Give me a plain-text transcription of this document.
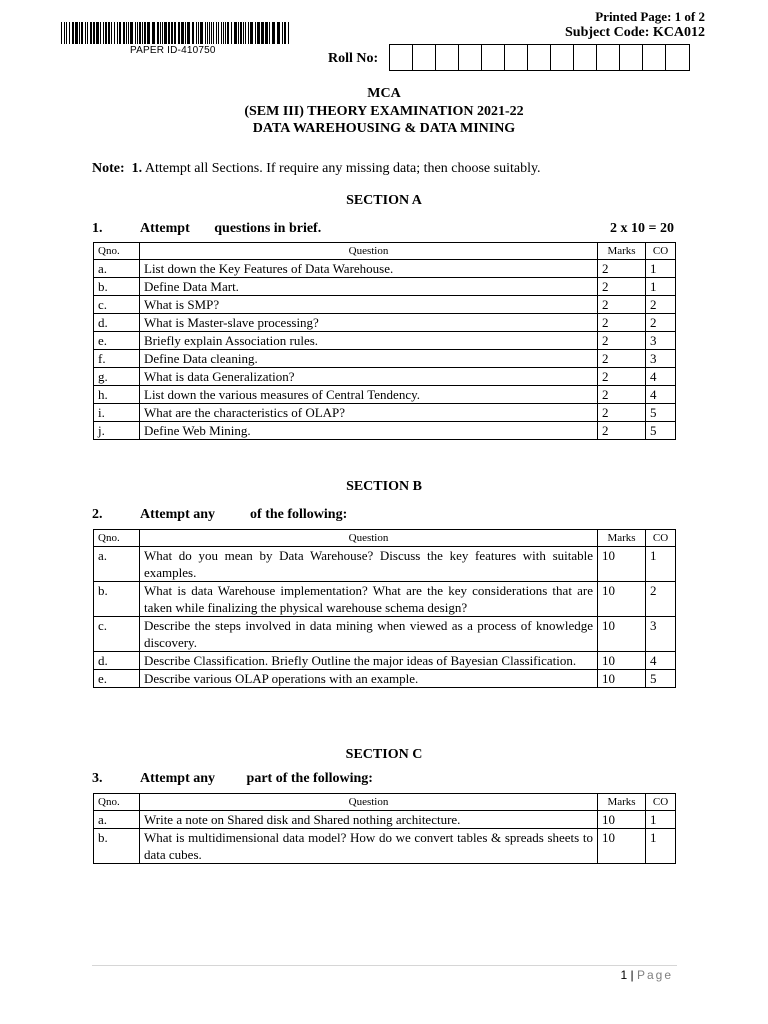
PAPER ID-410750
Printed Page: 1 of 2
Subject Code: KCA012
Roll No:
MCA
(SEM III) THEORY EXAMINATION 2021-22
DATA WAREHOUSING & DATA MINING
Note: 1. Attempt all Sections. If require any missing data; then choose suitably.
SECTION A
1.	Attempt       questions in brief.	2 x 10 = 20
Qno.	Question	Marks	CO
a.	List down the Key Features of Data Warehouse.	2	1
b.	Define Data Mart.	2	1
c.	What is SMP?	2	2
d.	What is Master-slave processing?	2	2
e.	Briefly explain Association rules.	2	3
f.	Define Data cleaning.	2	3
g.	What is data Generalization?	2	4
h.	List down the various measures of Central Tendency.	2	4
i.	What are the characteristics of OLAP?	2	5
j.	Define Web Mining.	2	5
SECTION B
2.	Attempt any          of the following:
Qno.	Question	Marks	CO
a.	What do you mean by Data Warehouse? Discuss the key features with suitable examples.	10	1
b.	What is data Warehouse implementation? What are the key considerations that are taken while finalizing the physical warehouse schema design?	10	2
c.	Describe the steps involved in data mining when viewed as a process of knowledge discovery.	10	3
d.	Describe Classification. Briefly Outline the major ideas of Bayesian Classification.	10	4
e.	Describe various OLAP operations with an example.	10	5
SECTION C
3.	Attempt any         part of the following:
Qno.	Question	Marks	CO
a.	Write a note on Shared disk and Shared nothing architecture.	10	1
b.	What is multidimensional data model? How do we convert tables & spreads sheets to data cubes.	10	1
1 | Page
